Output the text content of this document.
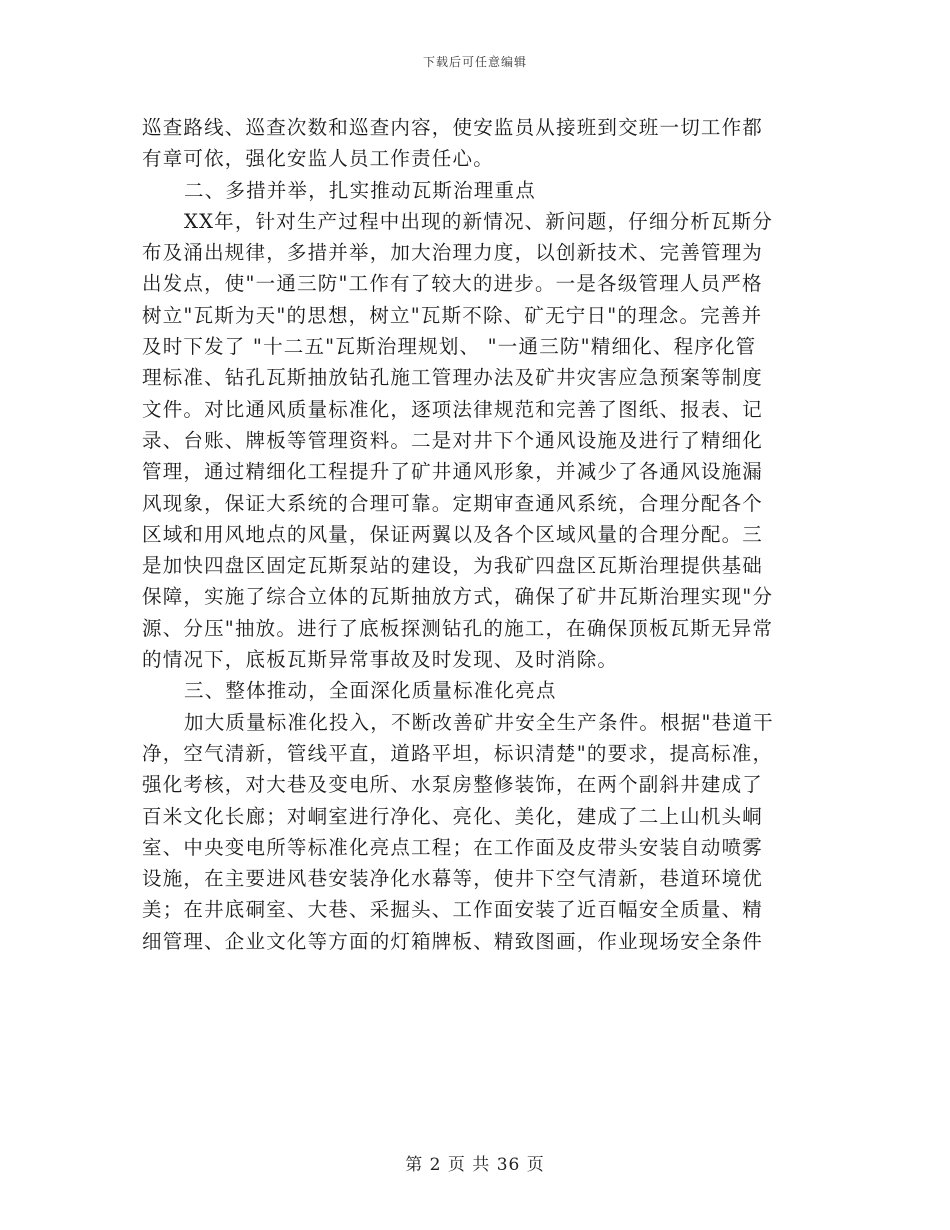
下载后可任意编辑
巡查路线、巡查次数和巡查内容，使安监员从接班到交班一切工作都
有章可依，强化安监人员工作责任心。
二、多措并举，扎实推动瓦斯治理重点
XX年，针对生产过程中出现的新情况、新问题，仔细分析瓦斯分
布及涌出规律，多措并举，加大治理力度，以创新技术、完善管理为
出发点，使"一通三防"工作有了较大的进步。一是各级管理人员严格
树立"瓦斯为天"的思想，树立"瓦斯不除、矿无宁日"的理念。完善并
及时下发了 "十二五"瓦斯治理规划、 "一通三防"精细化、程序化管
理标准、钻孔瓦斯抽放钻孔施工管理办法及矿井灾害应急预案等制度
文件。对比通风质量标准化，逐项法律规范和完善了图纸、报表、记
录、台账、牌板等管理资料。二是对井下个通风设施及进行了精细化
管理，通过精细化工程提升了矿井通风形象，并减少了各通风设施漏
风现象，保证大系统的合理可靠。定期审查通风系统，合理分配各个
区域和用风地点的风量，保证两翼以及各个区域风量的合理分配。三
是加快四盘区固定瓦斯泵站的建设，为我矿四盘区瓦斯治理提供基础
保障，实施了综合立体的瓦斯抽放方式，确保了矿井瓦斯治理实现"分
源、分压"抽放。进行了底板探测钻孔的施工，在确保顶板瓦斯无异常
的情况下，底板瓦斯异常事故及时发现、及时消除。
三、整体推动，全面深化质量标准化亮点
加大质量标准化投入，不断改善矿井安全生产条件。根据"巷道干
净，空气清新，管线平直，道路平坦，标识清楚"的要求，提高标准，
强化考核，对大巷及变电所、水泵房整修装饰，在两个副斜井建成了
百米文化长廊；对峒室进行净化、亮化、美化，建成了二上山机头峒
室、中央变电所等标准化亮点工程；在工作面及皮带头安装自动喷雾
设施，在主要进风巷安装净化水幕等，使井下空气清新，巷道环境优
美；在井底硐室、大巷、采掘头、工作面安装了近百幅安全质量、精
细管理、企业文化等方面的灯箱牌板、精致图画，作业现场安全条件
第 2 页 共 36 页
